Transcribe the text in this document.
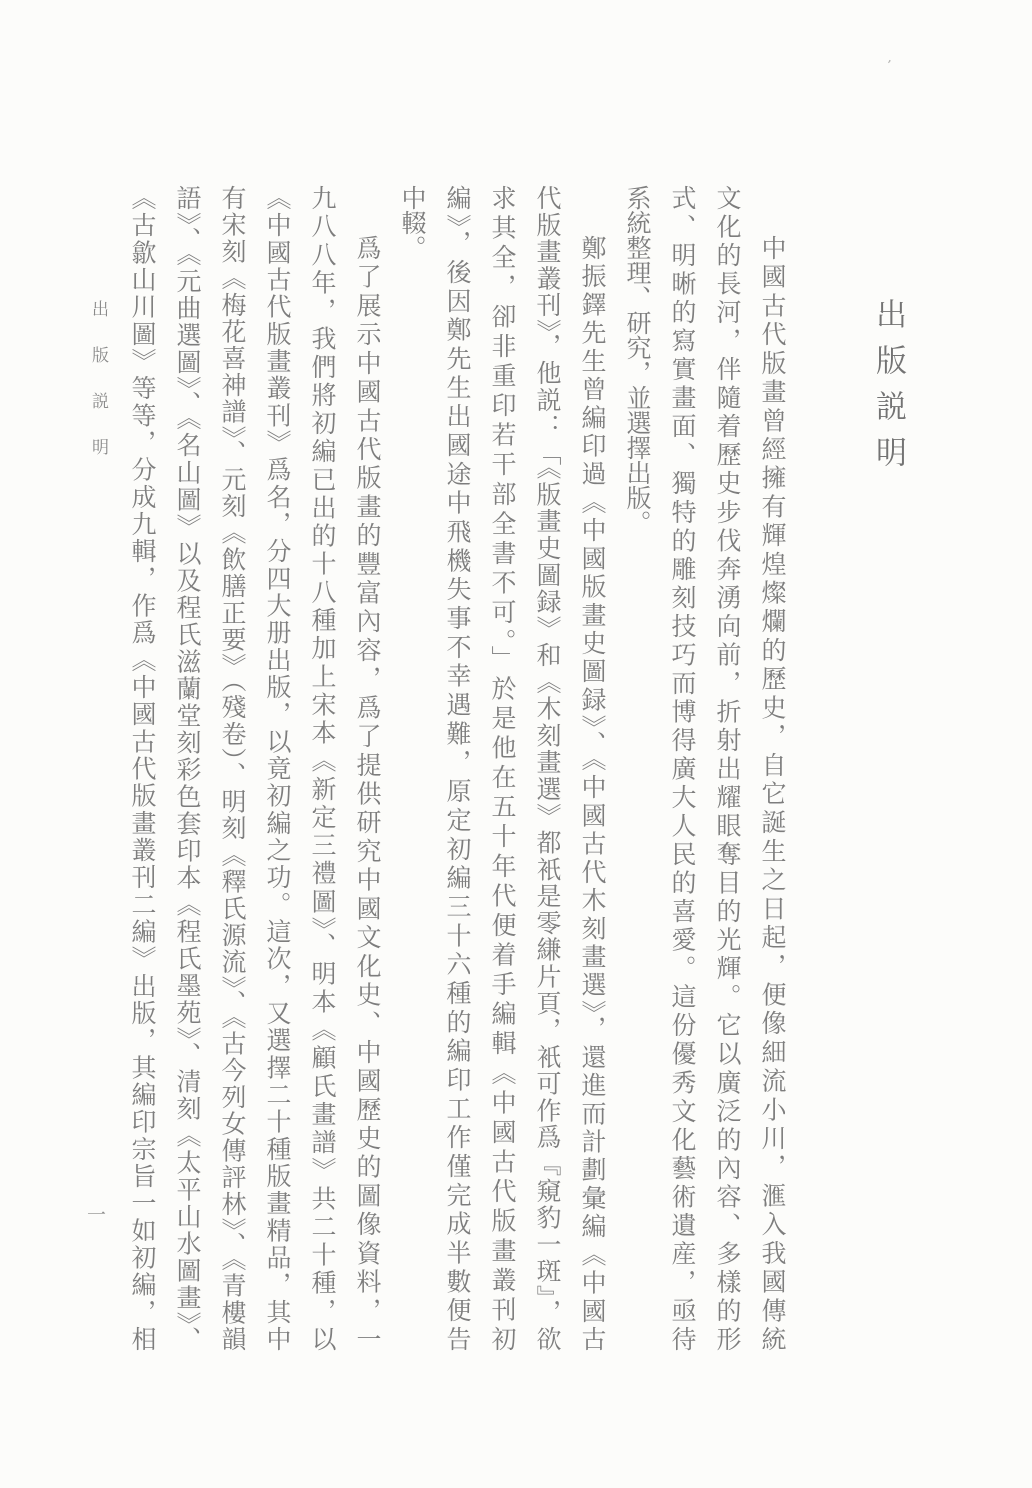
出版説明
中國古代版畫曾經擁有輝煌燦爛的歷史，自它誕生之日起，便像細流小川，滙入我國傳統
文化的長河，伴隨着歷史步伐奔湧向前，折射出耀眼奪目的光輝。它以廣泛的內容、多樣的形
式、明晰的寫實畫面、獨特的雕刻技巧而博得廣大人民的喜愛。這份優秀文化藝術遺産，亟待
系統整理、研究，並選擇出版。
鄭振鐸先生曾編印過《中國版畫史圖録》、《中國古代木刻畫選》，還進而計劃彙編《中國古
代版畫叢刊》，他説：「《版畫史圖録》和《木刻畫選》都衹是零縑片頁，衹可作爲『窺豹一斑』，欲
求其全，卻非重印若干部全書不可。」於是他在五十年代便着手編輯《中國古代版畫叢刊初
編》，後因鄭先生出國途中飛機失事不幸遇難，原定初編三十六種的編印工作僅完成半數便告
中輟。
爲了展示中國古代版畫的豐富內容，爲了提供研究中國文化史、中國歷史的圖像資料，一
九八八年，我們將初編已出的十八種加上宋本《新定三禮圖》、明本《顧氏畫譜》共二十種，以
《中國古代版畫叢刊》爲名，分四大册出版，以竟初編之功。這次，又選擇二十種版畫精品，其中
有宋刻《梅花喜神譜》、元刻《飲膳正要》（殘卷）、明刻《釋氏源流》、《古今列女傳評林》、《青樓韻
語》、《元曲選圖》、《名山圖》以及程氏滋蘭堂刻彩色套印本《程氏墨苑》、清刻《太平山水圖畫》、
《古歙山川圖》等等，分成九輯，作爲《中國古代版畫叢刊二編》出版，其編印宗旨一如初編，相
出版説明
一
٬
